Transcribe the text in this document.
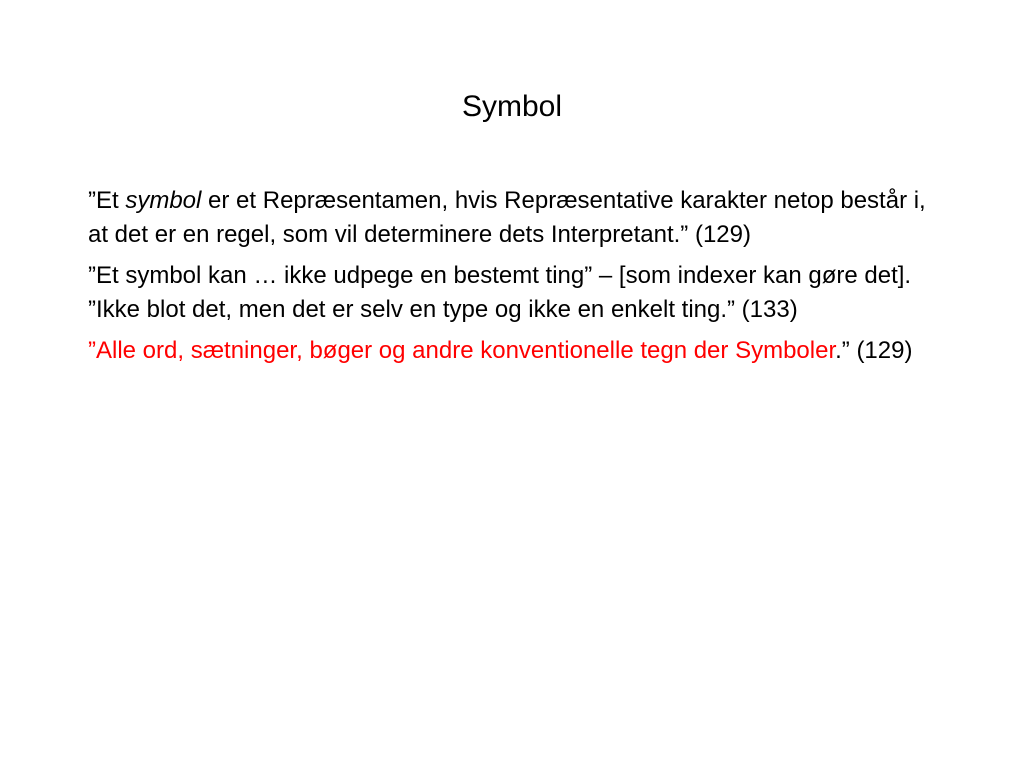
Symbol

”Et symbol er et Repræsentamen, hvis Repræsentative karakter netop består i, at det er en regel, som vil determinere dets Interpretant.” (129)

”Et symbol kan … ikke udpege en bestemt ting” – [som indexer kan gøre det]. ”Ikke blot det, men det er selv en type og ikke en enkelt ting.” (133)

”Alle ord, sætninger, bøger og andre konventionelle tegn der Symboler.” (129)
